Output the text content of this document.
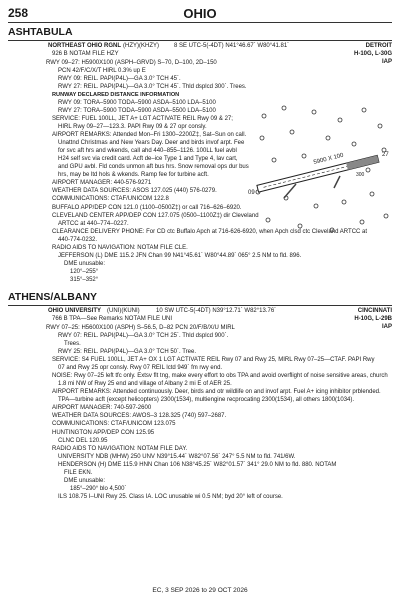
258	OHIO
ASHTABULA
NORTHEAST OHIO RGNL (HZY)(KHZY)	8 SE UTC-5(-4DT) N41°46.67´ W80°41.81´	DETROIT
H-10G, L-30G
IAP
926 B NOTAM FILE HZY
RWY 09–27: H5900X100 (ASPH–GRVD) S–70, D–100, 2D–150
PCN 42/F/C/X/T HIRL 0.3% up E
RWY 09: REIL. PAPI(P4L)—GA 3.0° TCH 45´.
RWY 27: REIL. PAPI(P4L)—GA 3.0° TCH 45´. Thld dsplcd 300´. Trees.
RUNWAY DECLARED DISTANCE INFORMATION
RWY 09: TORA–5900 TODA–5900 ASDA–5100 LDA–5100
RWY 27: TORA–5900 TODA–5900 ASDA–5500 LDA–5100
SERVICE: FUEL 100LL, JET A+ LGT ACTIVATE REIL Rwy 09 & 27;
HIRL Rwy 09–27—123.3. PAPI Rwy 09 & 27 opr consly.
AIRPORT REMARKS: Attended Mon–Fri 1300–2200Z‡, Sat–Sun on call.
Unattnd Christmas and New Years Day. Deer and birds invof arpt. Fee
for svc aft hrs and wkends, call ahd 440–855–1126. 100LL fuel avbl
H24 self svc via credit card. Acft de–ice Type 1 and Type 4, lav cart,
and GPU avbl. Fld conds unmon aft bus hrs. Snow removal ops dur bus
hrs, may be ltd hols & wkends. Ramp fee for turbine acft.
AIRPORT MANAGER: 440-576-9271
WEATHER DATA SOURCES: ASOS 127.025 (440) 576-0279.
COMMUNICATIONS: CTAF/UNICOM 122.8
BUFFALO APP/DEP CON 121.0 (1100–0500Z‡) or call 716–626–6920.
CLEVELAND CENTER APP/DEP CON 127.075 (0500–1100Z‡) dir Cleveland
ARTCC at 440–774–0227.
CLEARANCE DELIVERY PHONE: For CD ctc Buffalo Apch at 716-626-6920, when Apch clsd ctc Cleveland ARTCC at
440-774-0232.
RADIO AIDS TO NAVIGATION: NOTAM FILE CLE.
JEFFERSON (L) DME 115.2 JFN Chan 99 N41°45.61´ W80°44.89´ 065° 2.5 NM to fld. 896.
DME unusable:
120°–255°
315°–352°
5900 X 100	27
09
300
ATHENS/ALBANY
OHIO UNIVERSITY (UNI)(KUNI)	10 SW UTC-5(-4DT) N39°12.71´ W82°13.76´	CINCINNATI
H-10G, L-29B
IAP
766 B TPA—See Remarks NOTAM FILE UNI
RWY 07–25: H5600X100 (ASPH) S–56.5, D–82 PCN 20/F/B/X/U MIRL
RWY 07: REIL. PAPI(P4L)—GA 3.0° TCH 25´. Thld dsplcd 900´.
Trees.
RWY 25: REIL. PAPI(P4L)—GA 3.0° TCH 50´. Tree.
SERVICE: S4 FUEL 100LL, JET A+ OX 1 LGT ACTIVATE REIL Rwy 07 and Rwy 25, MIRL Rwy 07–25—CTAF. PAPI Rwy
07 and Rwy 25 opr consly. Rwy 07 REIL lctd 949´ fm rwy end.
NOISE: Rwy 07–25 left tfc only. Extsv flt tng, make every effort to obs TPA and avoid overflight of noise sensitive areas, church
1.8 mi NW of Rwy 25 end and village of Albany 2 mi E of AER 25.
AIRPORT REMARKS: Attended continuously. Deer, birds and otr wildlife on and invof arpt. Fuel A+ icing inhibitor prblended.
TPA—turbine acft (except helicopters) 2300(1534), multiengine recprocating 2300(1534), all others 1800(1034).
AIRPORT MANAGER: 740-597-2600
WEATHER DATA SOURCES: AWOS–3 128.325 (740) 597–2687.
COMMUNICATIONS: CTAF/UNICOM 123.075
HUNTINGTON APP/DEP CON 125.95
CLNC DEL 120.95
RADIO AIDS TO NAVIGATION: NOTAM FILE DAY.
UNIVERSITY NDB (MHW) 250 UNV N39°15.44´ W82°07.56´ 247° 5.5 NM to fld. 741/6W.
HENDERSON (H) DME 115.9 HNN Chan 106 N38°45.25´ W82°01.57´ 341° 29.0 NM to fld. 880. NOTAM
FILE EKN.
DME unusable:
185°–290° blo 4,500´
ILS 108.75 I–UNI Rwy 25. Class IA. LOC unusable wi 0.5 NM; byd 20° left of course.
EC, 3 SEP 2026 to 29 OCT 2026
